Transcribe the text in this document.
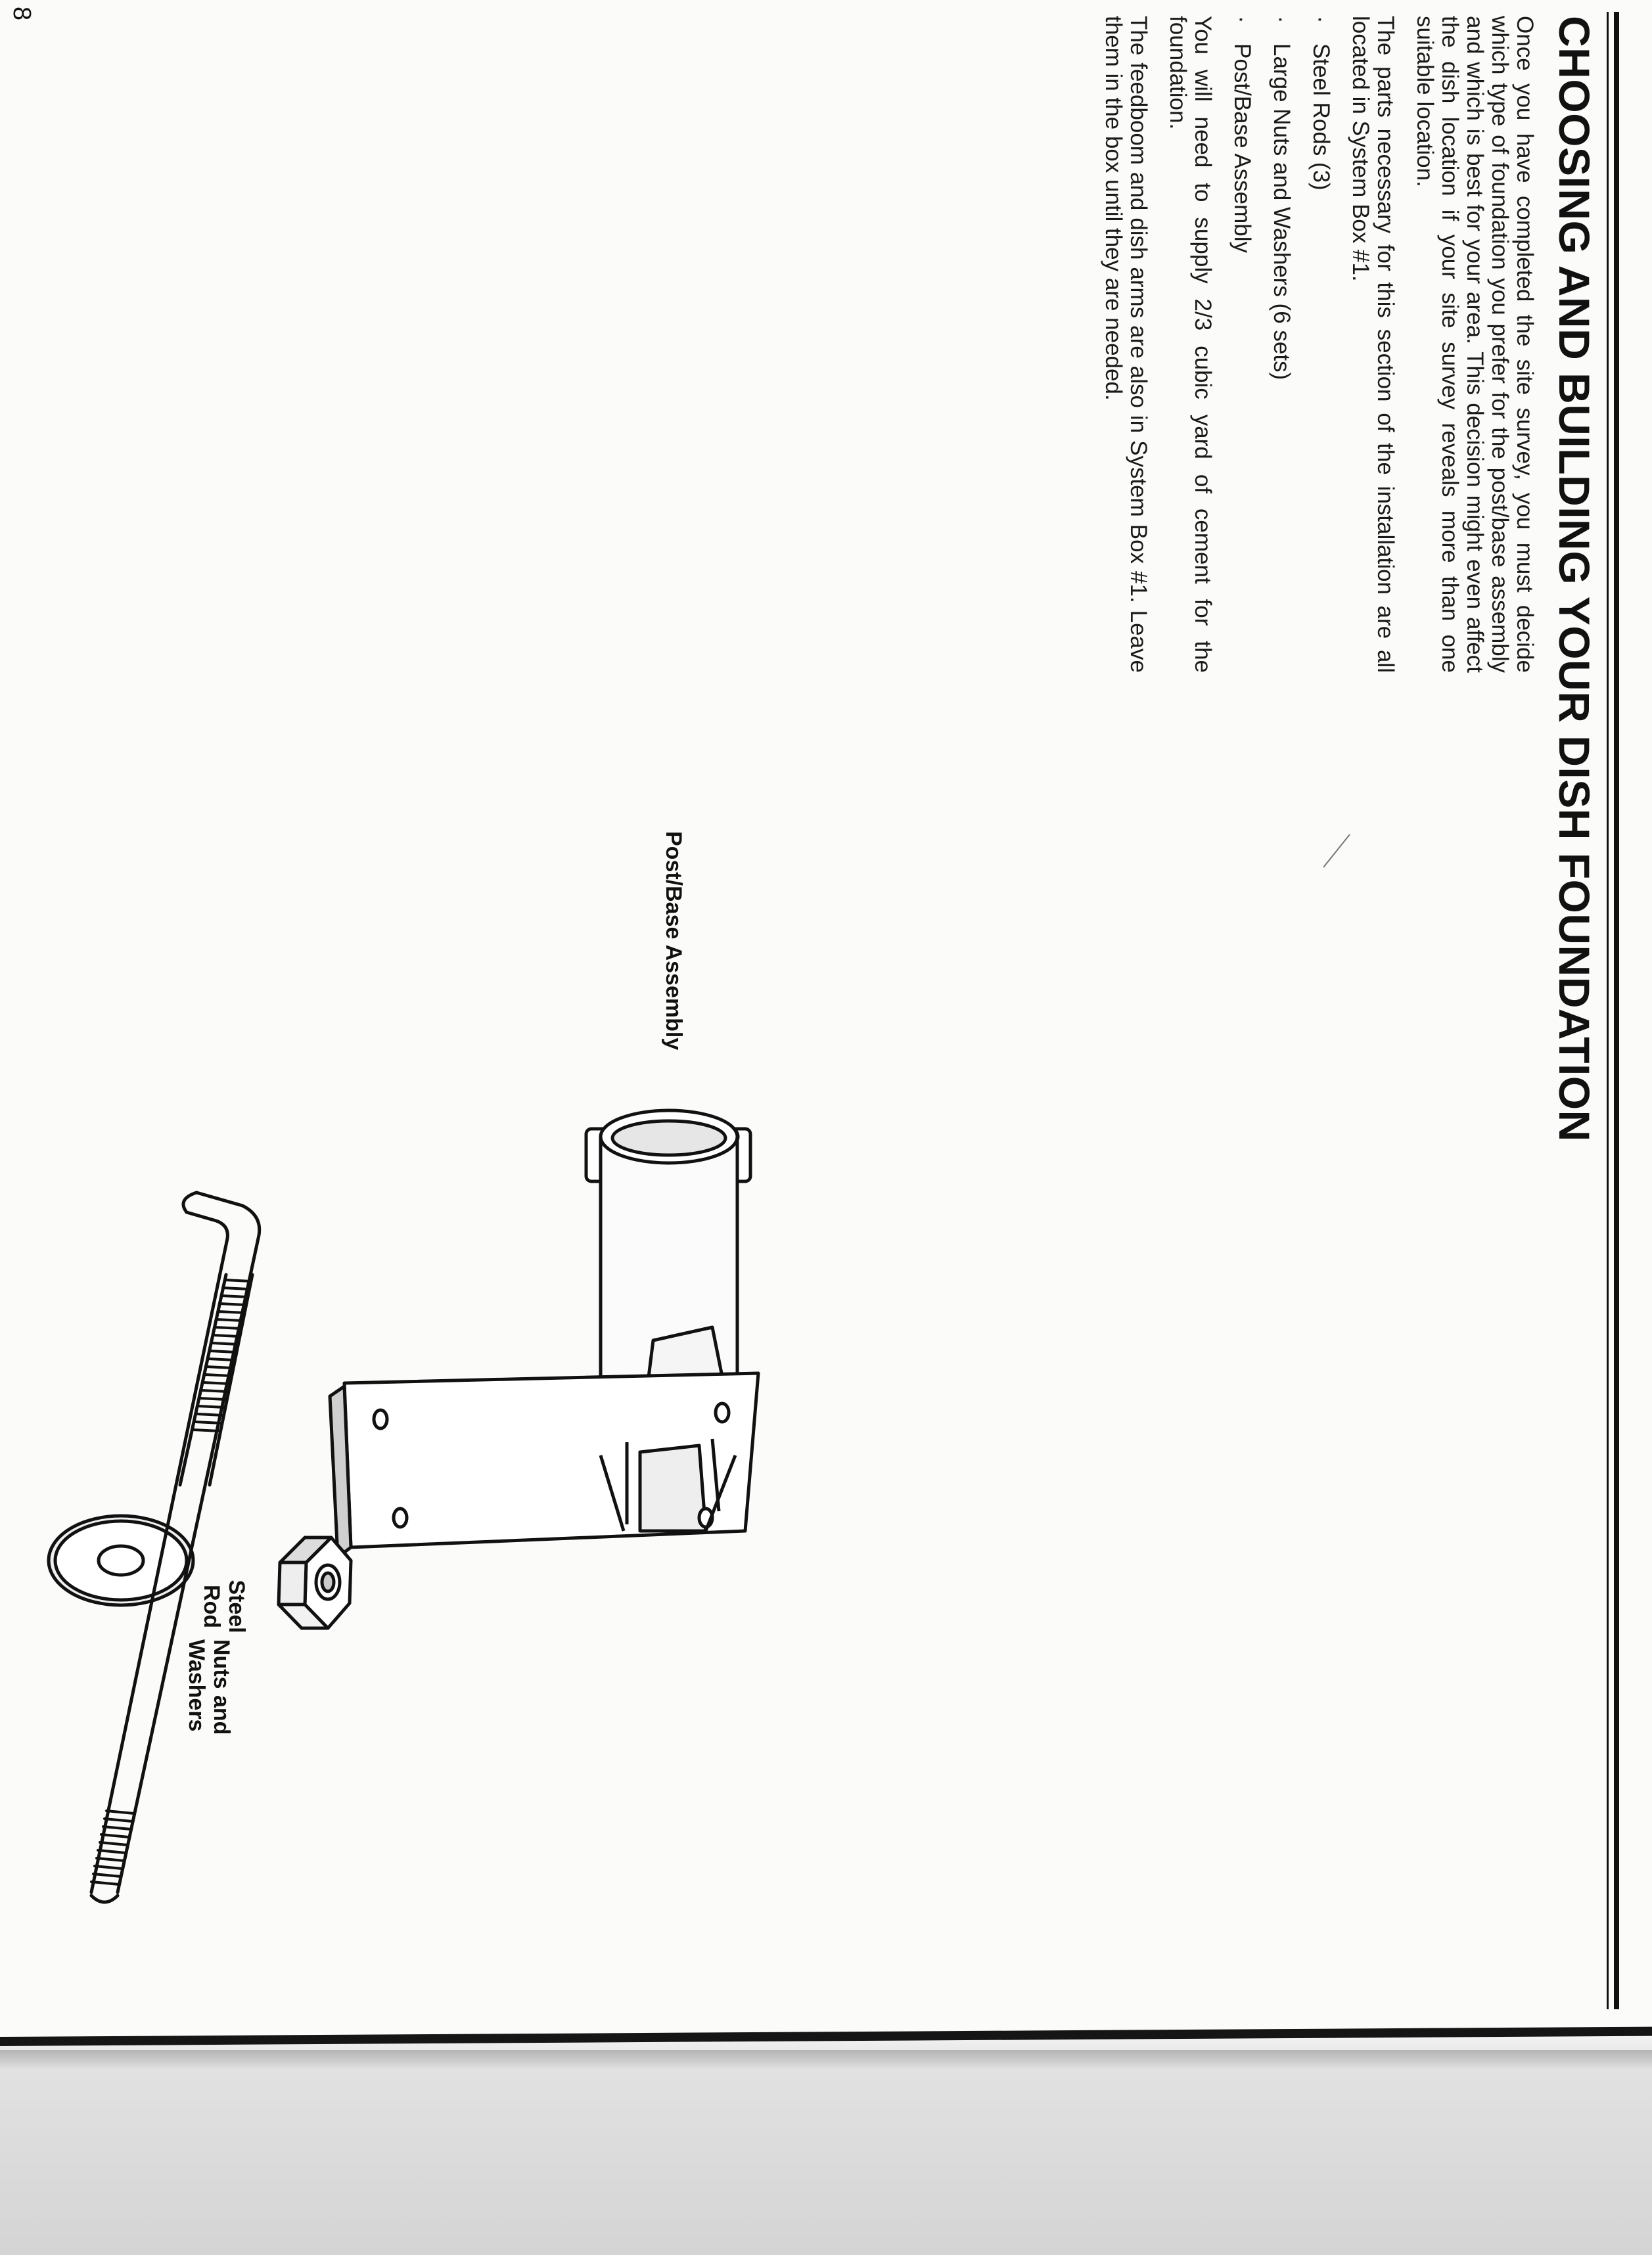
CHOOSING AND BUILDING YOUR DISH FOUNDATION

Once you have completed the site survey, you must decide which type of foundation you prefer for the post/base assembly and which is best for your area. This decision might even affect the dish location if your site survey reveals more than one suitable location.

The parts necessary for this section of the installation are all located in System Box #1.

·Steel Rods (3)
·Large Nuts and Washers (6 sets)
·Post/Base Assembly

You will need to supply 2/3 cubic yard of cement for the foundation.

The feedboom and dish arms are also in System Box #1. Leave them in the box until they are needed.

Post/Base Assembly
Nuts and
Washers
8
Steel
Rod
